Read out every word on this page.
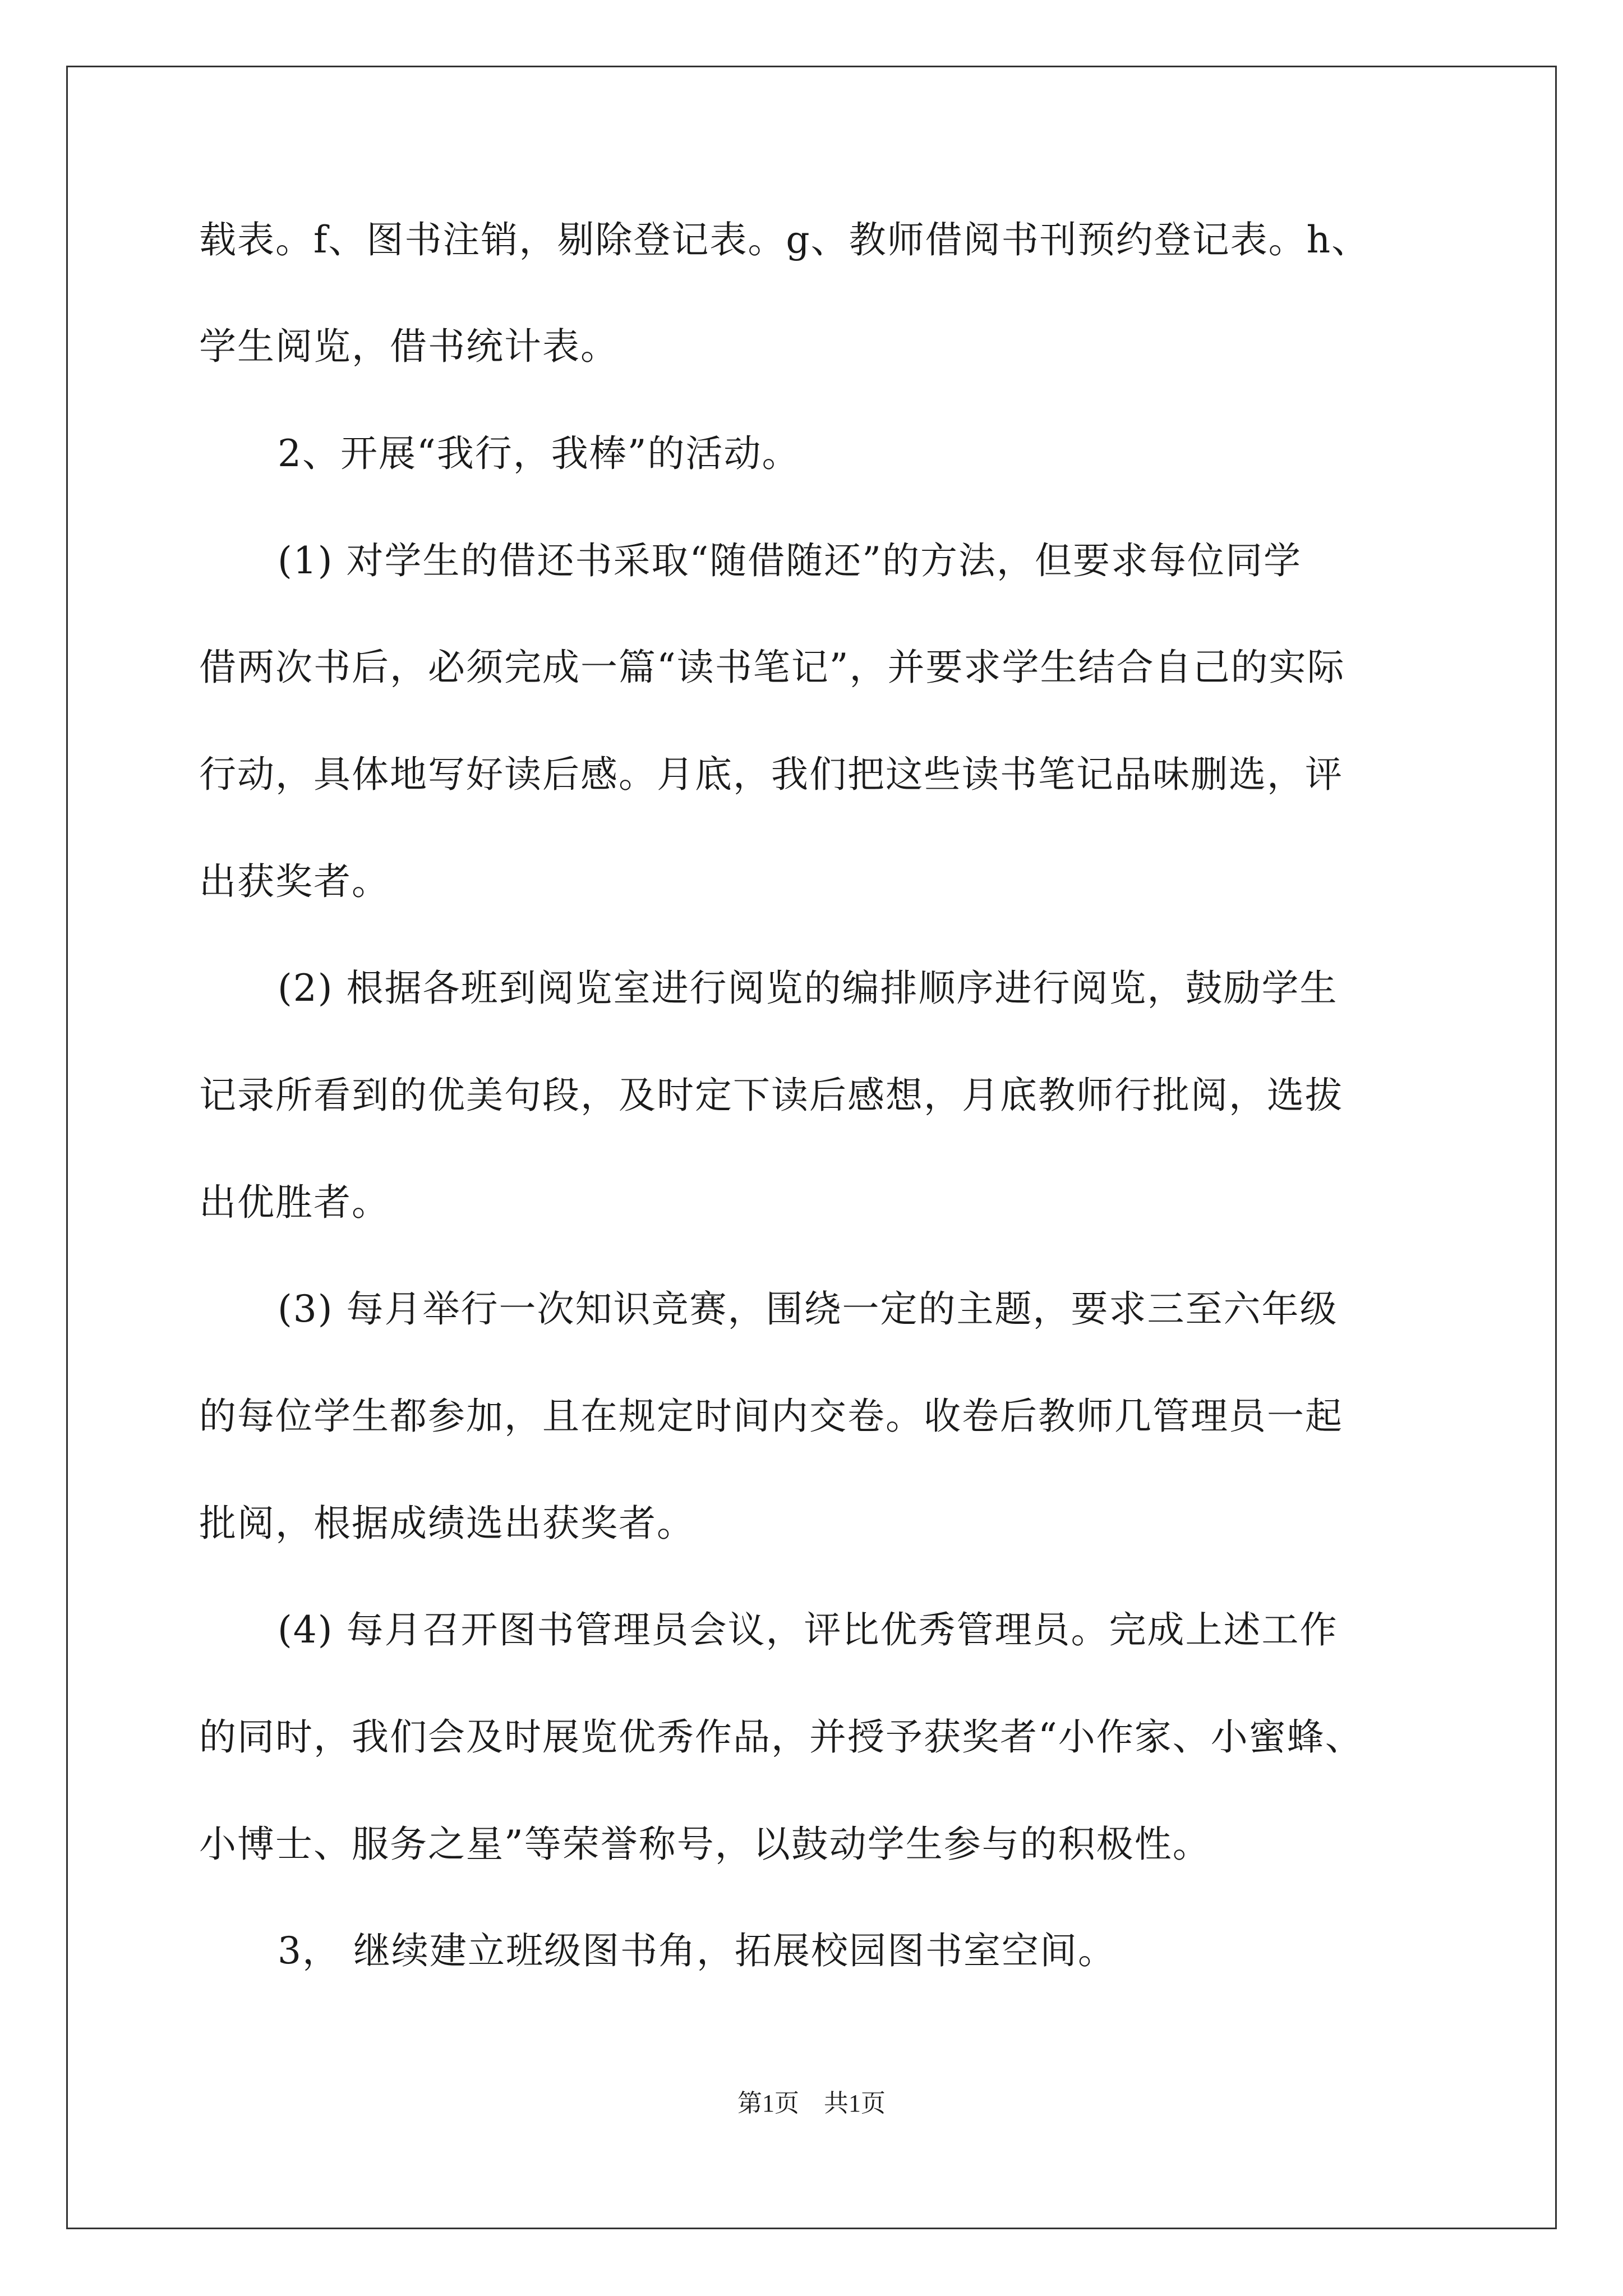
载表。f、图书注销，剔除登记表。g、教师借阅书刊预约登记表。h、
学生阅览，借书统计表。
2、开展“我行，我棒”的活动。
(1) 对学生的借还书采取“随借随还”的方法，但要求每位同学
借两次书后，必须完成一篇“读书笔记”，并要求学生结合自己的实际
行动，具体地写好读后感。月底，我们把这些读书笔记品味删选，评
出获奖者。
(2) 根据各班到阅览室进行阅览的编排顺序进行阅览，鼓励学生
记录所看到的优美句段，及时定下读后感想，月底教师行批阅，选拔
出优胜者。
(3) 每月举行一次知识竞赛，围绕一定的主题，要求三至六年级
的每位学生都参加，且在规定时间内交卷。收卷后教师几管理员一起
批阅，根据成绩选出获奖者。
(4) 每月召开图书管理员会议，评比优秀管理员。完成上述工作
的同时，我们会及时展览优秀作品，并授予获奖者“小作家、小蜜蜂、
小博士、服务之星”等荣誉称号，以鼓动学生参与的积极性。
3， 继续建立班级图书角，拓展校园图书室空间。
第1页 共1页
